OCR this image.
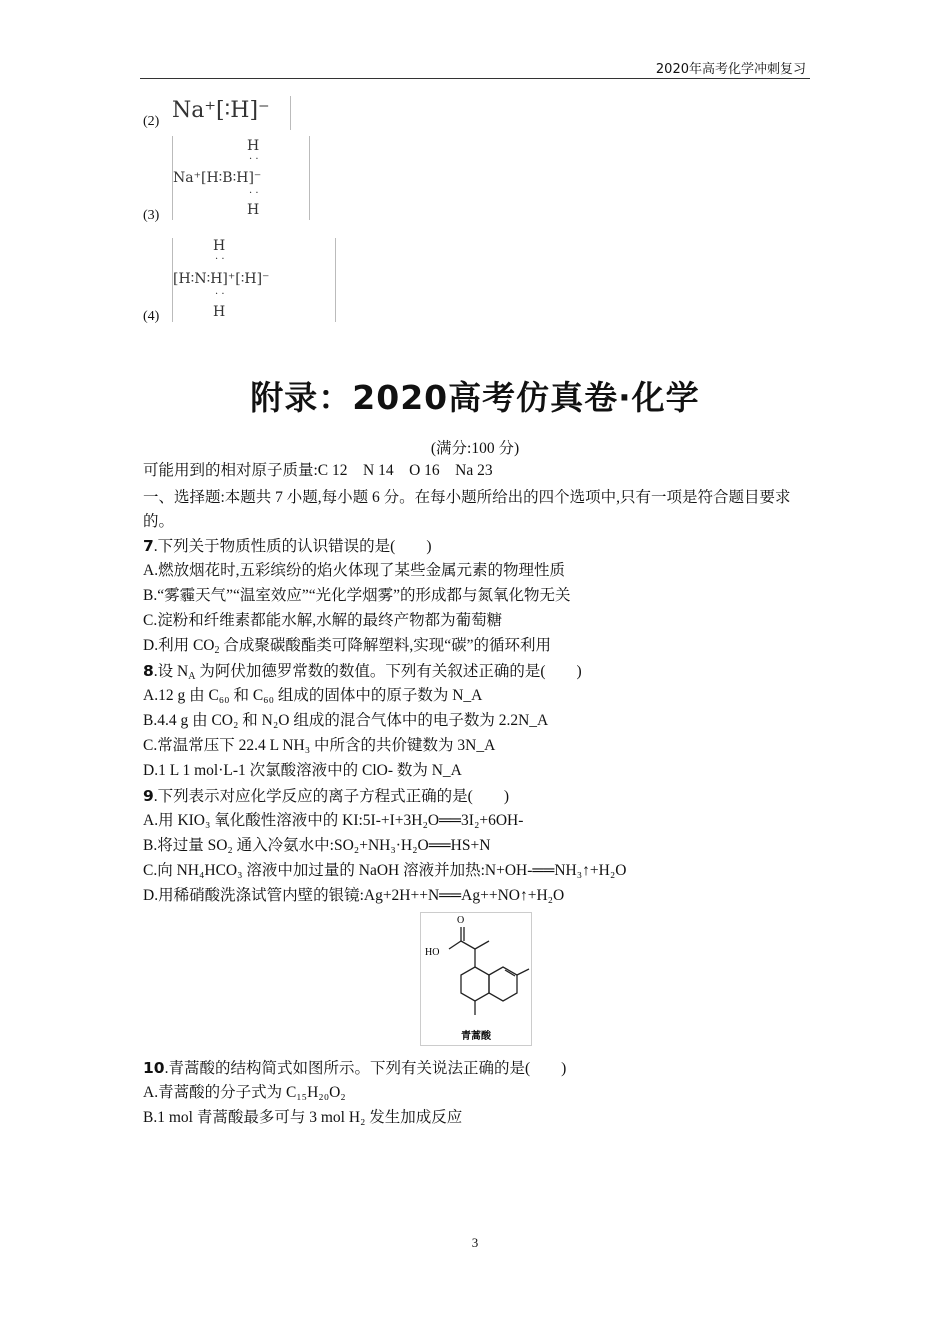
2020年高考化学冲刺复习
(2) Na⁺[∶H]⁻
(3)
H
· ·
Na⁺[H∶B∶H]⁻
· ·
H
(4)
H
· ·
[H∶N∶H]⁺[∶H]⁻
· ·
H
附录：2020高考仿真卷·化学
(满分:100 分)
可能用到的相对原子质量:C 12　N 14　O 16　Na 23
一、选择题:本题共 7 小题,每小题 6 分。在每小题所给出的四个选项中,只有一项是符合题目要求的。
7.下列关于物质性质的认识错误的是(　　)
A.燃放烟花时,五彩缤纷的焰火体现了某些金属元素的物理性质
B.“雾霾天气”“温室效应”“光化学烟雾”的形成都与氮氧化物无关
C.淀粉和纤维素都能水解,水解的最终产物都为葡萄糖
D.利用 $CO_2$ 合成聚碳酸酯类可降解塑料,实现“碳”的循环利用
8.设 $N_A$ 为阿伏加德罗常数的数值。下列有关叙述正确的是(　　)
A.12 g 由 C₆₀ 和 C₆₀ 组成的固体中的原子数为 N_A
B.4.4 g 由 CO₂ 和 N₂O 组成的混合气体中的电子数为 2.2N_A
C.常温常压下 22.4 L NH₃ 中所含的共价键数为 3N_A
D.1 L 1 mol·L-1 次氯酸溶液中的 ClO- 数为 N_A
9.下列表示对应化学反应的离子方程式正确的是(　　)
A.用 KIO₃ 氧化酸性溶液中的 KI:5I-+I+3H₂O══3I₂+6OH-
B.将过量 SO₂ 通入冷氨水中:SO₂+NH₃·H₂O══HS+N
C.向 NH₄HCO₃ 溶液中加过量的 NaOH 溶液并加热:N+OH-══NH₃↑+H₂O
D.用稀硝酸洗涤试管内壁的银镜:Ag+2H++N══Ag++NO↑+H₂O
O
HO
青蒿酸
10.青蒿酸的结构简式如图所示。下列有关说法正确的是(　　)
A.青蒿酸的分子式为 C₁₅H₂₀O₂
B.1 mol 青蒿酸最多可与 3 mol H₂ 发生加成反应
3
